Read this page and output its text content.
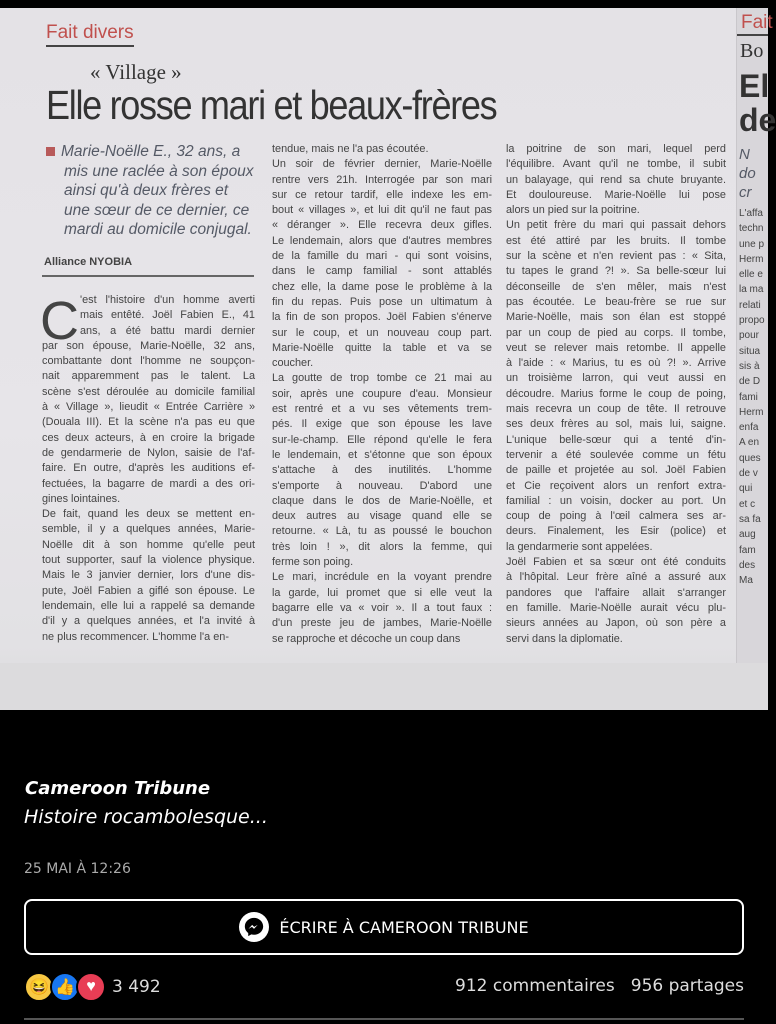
Fait divers
« Village »
Elle rosse mari et beaux-frères
Marie-Noëlle E., 32 ans, a
mis une raclée à son époux
ainsi qu'à deux frères et
une sœur de ce dernier, ce
mardi au domicile conjugal.
Alliance NYOBIA
C 'est l'histoire d'un homme averti
mais entêté. Joël Fabien E., 41
ans, a été battu mardi dernier
par son épouse, Marie-Noëlle, 32 ans,
combattante dont l'homme ne soupçon-
nait apparemment pas le talent. La
scène s'est déroulée au domicile familial
à « Village », lieudit « Entrée Carrière »
(Douala III). Et la scène n'a pas eu que
ces deux acteurs, à en croire la brigade
de gendarmerie de Nylon, saisie de l'af-
faire. En outre, d'après les auditions ef-
fectuées, la bagarre de mardi a des ori-
gines lointaines.
De fait, quand les deux se mettent en-
semble, il y a quelques années, Marie-
Noëlle dit à son homme qu'elle peut
tout supporter, sauf la violence physique.
Mais le 3 janvier dernier, lors d'une dis-
pute, Joël Fabien a giflé son épouse. Le
lendemain, elle lui a rappelé sa demande
d'il y a quelques années, et l'a invité à
ne plus recommencer. L'homme l'a en-
tendue, mais ne l'a pas écoutée.
Un soir de février dernier, Marie-Noëlle
rentre vers 21h. Interrogée par son mari
sur ce retour tardif, elle indexe les em-
bout « villages », et lui dit qu'il ne faut pas
« déranger ». Elle recevra deux gifles.
Le lendemain, alors que d'autres membres
de la famille du mari - qui sont voisins,
dans le camp familial - sont attablés
chez elle, la dame pose le problème à la
fin du repas. Puis pose un ultimatum à
la fin de son propos. Joël Fabien s'énerve
sur le coup, et un nouveau coup part.
Marie-Noëlle quitte la table et va se
coucher.
La goutte de trop tombe ce 21 mai au
soir, après une coupure d'eau. Monsieur
est rentré et a vu ses vêtements trem-
pés. Il exige que son épouse les lave
sur-le-champ. Elle répond qu'elle le fera
le lendemain, et s'étonne que son époux
s'attache à des inutilités. L'homme
s'emporte à nouveau. D'abord une
claque dans le dos de Marie-Noëlle, et
deux autres au visage quand elle se
retourne. « Là, tu as poussé le bouchon
très loin ! », dit alors la femme, qui
ferme son poing.
Le mari, incrédule en la voyant prendre
la garde, lui promet que si elle veut la
bagarre elle va « voir ». Il a tout faux :
d'un preste jeu de jambes, Marie-Noëlle
se rapproche et décoche un coup dans
la poitrine de son mari, lequel perd
l'équilibre. Avant qu'il ne tombe, il subit
un balayage, qui rend sa chute bruyante.
Et douloureuse. Marie-Noëlle lui pose
alors un pied sur la poitrine.
Un petit frère du mari qui passait dehors
est été attiré par les bruits. Il tombe
sur la scène et n'en revient pas : « Sita,
tu tapes le grand ?! ». Sa belle-sœur lui
déconseille de s'en mêler, mais n'est
pas écoutée. Le beau-frère se rue sur
Marie-Noëlle, mais son élan est stoppé
par un coup de pied au corps. Il tombe,
veut se relever mais retombe. Il appelle
à l'aide : « Marius, tu es où ?! ». Arrive
un troisième larron, qui veut aussi en
découdre. Marius forme le coup de poing,
mais recevra un coup de tête. Il retrouve
ses deux frères au sol, mais lui, saigne.
L'unique belle-sœur qui a tenté d'in-
tervenir a été soulevée comme un fétu
de paille et projetée au sol. Joël Fabien
et Cie reçoivent alors un renfort extra-
familial : un voisin, docker au port. Un
coup de poing à l'œil calmera ses ar-
deurs. Finalement, les Esir (police) et
la gendarmerie sont appelées.
Joël Fabien et sa sœur ont été conduits
à l'hôpital. Leur frère aîné a assuré aux
pandores que l'affaire allait s'arranger
en famille. Marie-Noëlle aurait vécu plu-
sieurs années au Japon, où son père a
servi dans la diplomatie.
Fait
Bo
El
de
N
do
cr
L'affa
techn
une p
Herm
elle e
la ma
relati
propo
pour
situa
sis à
de D
fami
Herm
enfa
A en
ques
de v
qui
et c
sa fa
aug
fam
des
Ma
Cameroon Tribune
Histoire rocambolesque...
25 MAI À 12:26
ÉCRIRE À CAMEROON TRIBUNE
😆 👍 ♥ 3 492	912 commentaires 956 partages
